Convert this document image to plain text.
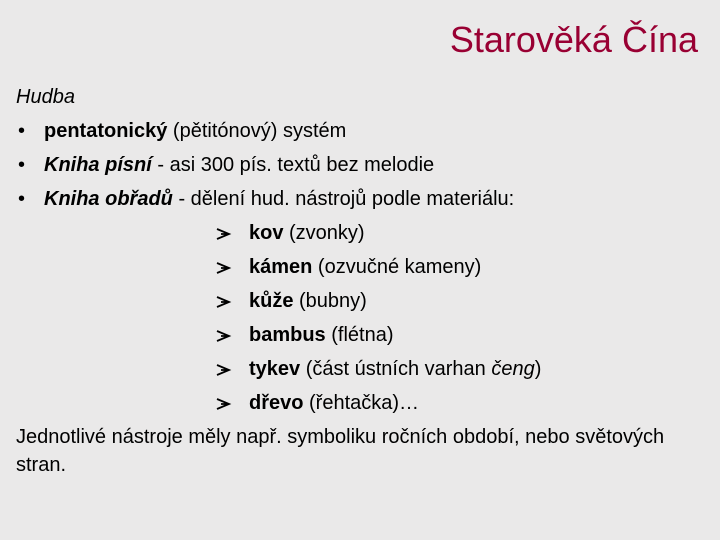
Starověká Čína
Hudba
• pentatonický (pětitónový) systém
• Kniha písní - asi 300 pís. textů bez melodie
• Kniha obřadů - dělení hud. nástrojů podle materiálu:
kov (zvonky)
kámen (ozvučné kameny)
kůže (bubny)
bambus (flétna)
tykev (část ústních varhan čeng)
dřevo (řehtačka)…
Jednotlivé nástroje měly např. symboliku ročních období, nebo světových stran.
